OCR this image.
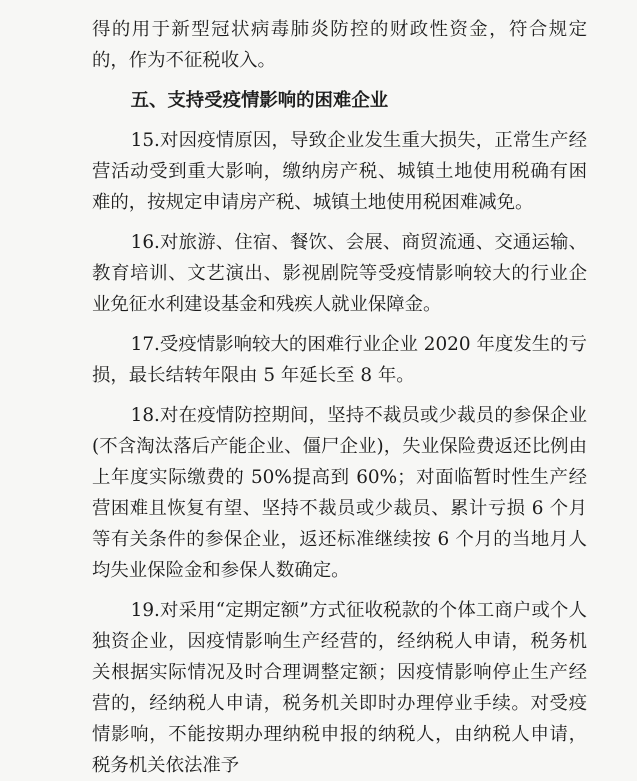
得的用于新型冠状病毒肺炎防控的财政性资金，符合规定的，作为不征税收入。

五、支持受疫情影响的困难企业

15.对因疫情原因，导致企业发生重大损失，正常生产经营活动受到重大影响，缴纳房产税、城镇土地使用税确有困难的，按规定申请房产税、城镇土地使用税困难减免。

16.对旅游、住宿、餐饮、会展、商贸流通、交通运输、教育培训、文艺演出、影视剧院等受疫情影响较大的行业企业免征水利建设基金和残疾人就业保障金。

17.受疫情影响较大的困难行业企业 2020 年度发生的亏损，最长结转年限由 5 年延长至 8 年。

18.对在疫情防控期间，坚持不裁员或少裁员的参保企业(不含淘汰落后产能企业、僵尸企业)，失业保险费返还比例由上年度实际缴费的 50%提高到 60%；对面临暂时性生产经营困难且恢复有望、坚持不裁员或少裁员、累计亏损 6 个月等有关条件的参保企业，返还标准继续按 6 个月的当地月人均失业保险金和参保人数确定。

19.对采用“定期定额”方式征收税款的个体工商户或个人独资企业，因疫情影响生产经营的，经纳税人申请，税务机关根据实际情况及时合理调整定额；因疫情影响停止生产经营的，经纳税人申请，税务机关即时办理停业手续。对受疫情影响，不能按期办理纳税申报的纳税人，由纳税人申请，税务机关依法准予
